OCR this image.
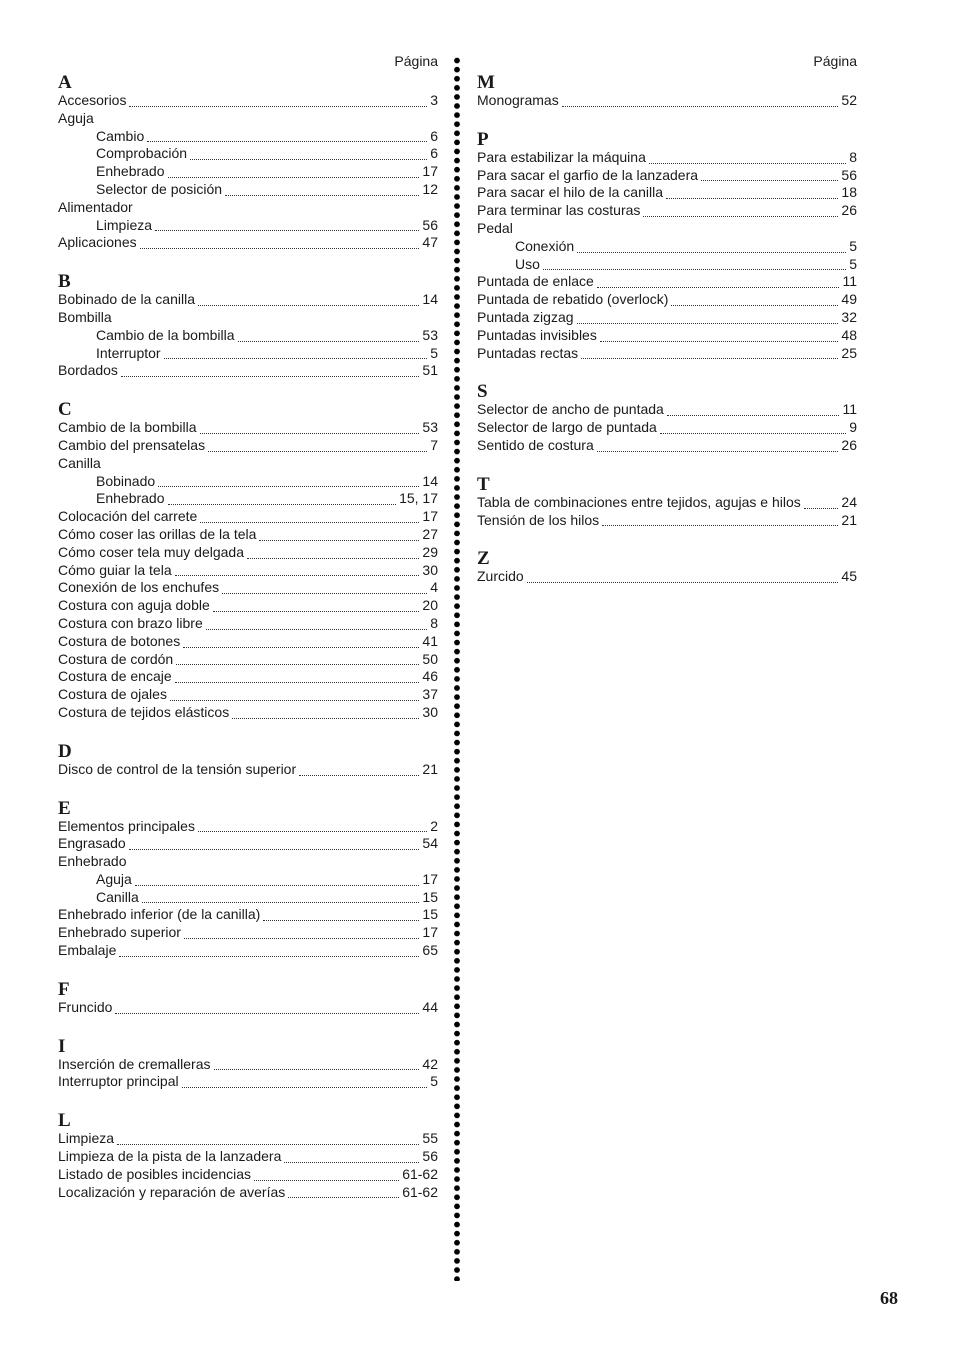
Página
A
Accesorios	3
Aguja
Cambio	6
Comprobación	6
Enhebrado	17
Selector de posición	12
Alimentador
Limpieza	56
Aplicaciones	47
B
Bobinado de la canilla	14
Bombilla
Cambio de la bombilla	53
Interruptor	5
Bordados	51
C
Cambio de la bombilla	53
Cambio del prensatelas	7
Canilla
Bobinado	14
Enhebrado	15, 17
Colocación del carrete	17
Cómo coser las orillas de la tela	27
Cómo coser tela muy delgada	29
Cómo guiar la tela	30
Conexión de los enchufes	4
Costura con aguja doble	20
Costura con brazo libre	8
Costura de botones	41
Costura de cordón	50
Costura de encaje	46
Costura de ojales	37
Costura de tejidos elásticos	30
D
Disco de control de la tensión superior	21
E
Elementos principales	2
Engrasado	54
Enhebrado
Aguja	17
Canilla	15
Enhebrado inferior (de la canilla)	15
Enhebrado superior	17
Embalaje	65
F
Fruncido	44
I
Inserción de cremalleras	42
Interruptor principal	5
L
Limpieza	55
Limpieza de la pista de la lanzadera	56
Listado de posibles incidencias	61-62
Localización y reparación de averías	61-62
Página
M
Monogramas	52
P
Para estabilizar la máquina	8
Para sacar el garfio de la lanzadera	56
Para sacar el hilo de la canilla	18
Para terminar las costuras	26
Pedal
Conexión	5
Uso	5
Puntada de enlace	11
Puntada de rebatido (overlock)	49
Puntada zigzag	32
Puntadas invisibles	48
Puntadas rectas	25
S
Selector de ancho de puntada	11
Selector de largo de puntada	9
Sentido de costura	26
T
Tabla de combinaciones entre tejidos, agujas e hilos	24
Tensión de los hilos	21
Z
Zurcido	45
68
